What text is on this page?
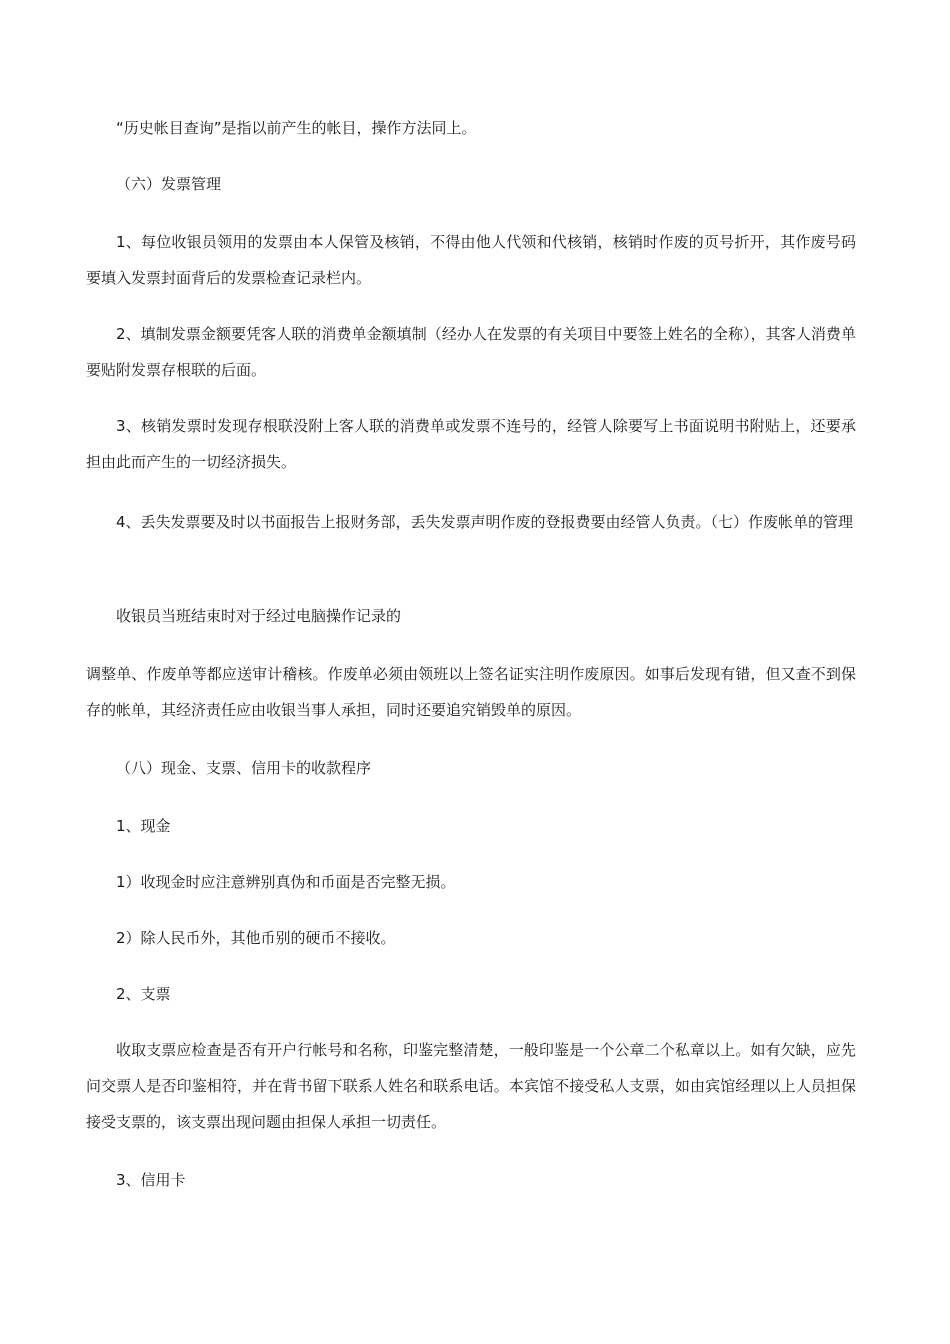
“历史帐目查询”是指以前产生的帐目，操作方法同上。

（六）发票管理

1、每位收银员领用的发票由本人保管及核销，不得由他人代领和代核销，核销时作废的页号折开，其作废号码要填入发票封面背后的发票检查记录栏内。

2、填制发票金额要凭客人联的消费单金额填制（经办人在发票的有关项目中要签上姓名的全称），其客人消费单要贴附发票存根联的后面。

3、核销发票时发现存根联没附上客人联的消费单或发票不连号的，经管人除要写上书面说明书附贴上，还要承担由此而产生的一切经济损失。

4、丢失发票要及时以书面报告上报财务部，丢失发票声明作废的登报费要由经管人负责。（七）作废帐单的管理

收银员当班结束时对于经过电脑操作记录的

调整单、作废单等都应送审计稽核。作废单必须由领班以上签名证实注明作废原因。如事后发现有错，但又查不到保存的帐单，其经济责任应由收银当事人承担，同时还要追究销毁单的原因。

（八）现金、支票、信用卡的收款程序

1、现金

1）收现金时应注意辨别真伪和币面是否完整无损。

2）除人民币外，其他币别的硬币不接收。

2、支票

收取支票应检查是否有开户行帐号和名称，印鉴完整清楚，一般印鉴是一个公章二个私章以上。如有欠缺，应先问交票人是否印鉴相符，并在背书留下联系人姓名和联系电话。本宾馆不接受私人支票，如由宾馆经理以上人员担保接受支票的，该支票出现问题由担保人承担一切责任。

3、信用卡
